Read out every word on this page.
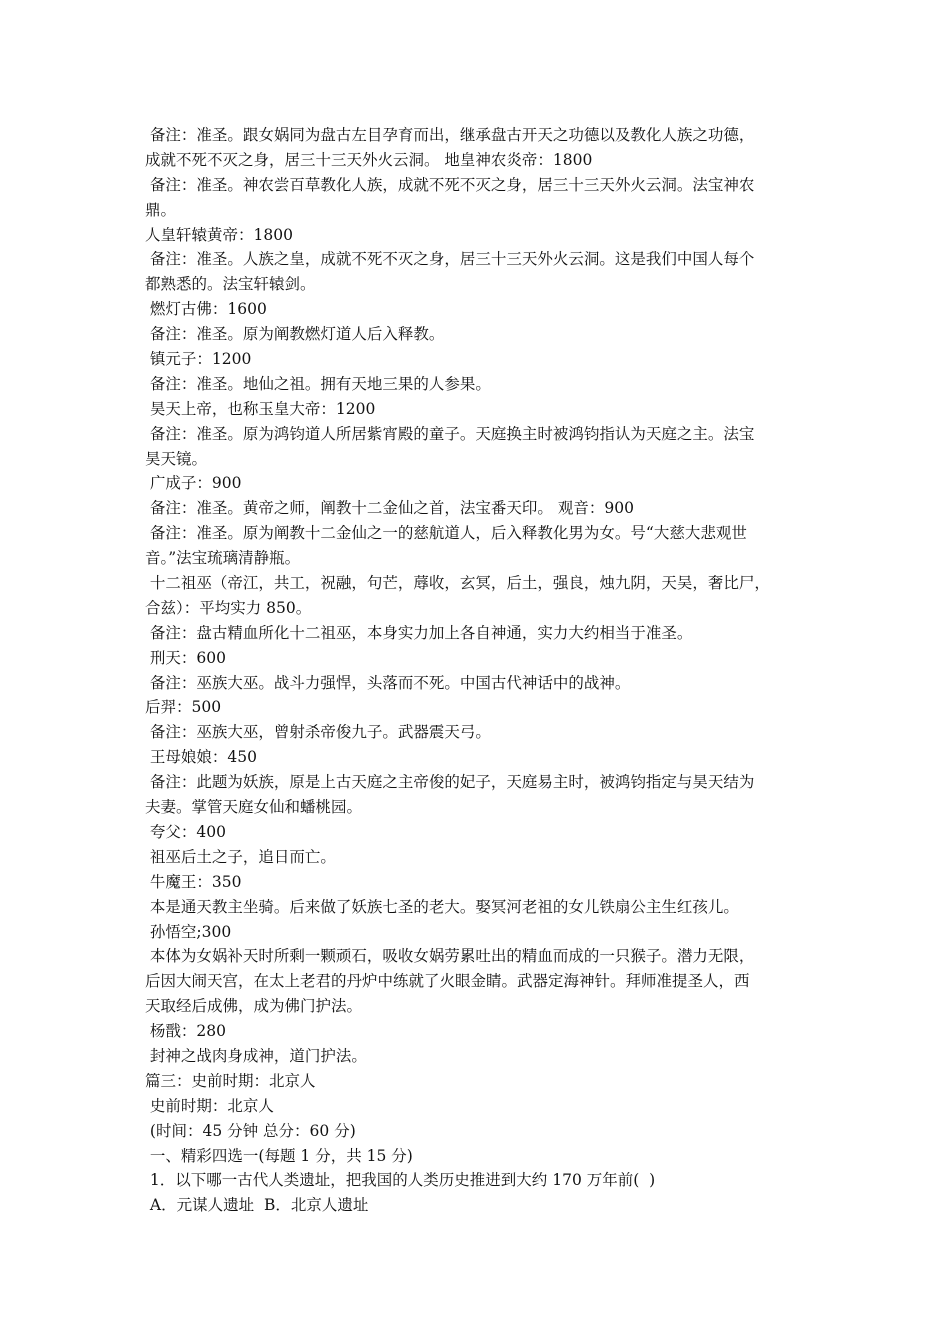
备注：准圣。跟女娲同为盘古左目孕育而出，继承盘古开天之功德以及教化人族之功德，
成就不死不灭之身，居三十三天外火云洞。 地皇神农炎帝：1800
备注：准圣。神农尝百草教化人族，成就不死不灭之身，居三十三天外火云洞。法宝神农
鼎。
人皇轩辕黄帝：1800
备注：准圣。人族之皇，成就不死不灭之身，居三十三天外火云洞。这是我们中国人每个
都熟悉的。法宝轩辕剑。
燃灯古佛：1600
备注：准圣。原为阐教燃灯道人后入释教。
镇元子：1200
备注：准圣。地仙之祖。拥有天地三果的人参果。
昊天上帝，也称玉皇大帝：1200
备注：准圣。原为鸿钧道人所居紫宵殿的童子。天庭换主时被鸿钧指认为天庭之主。法宝
昊天镜。
广成子：900
备注：准圣。黄帝之师，阐教十二金仙之首，法宝番天印。 观音：900
备注：准圣。原为阐教十二金仙之一的慈航道人，后入释教化男为女。号“大慈大悲观世
音。”法宝琉璃清静瓶。
十二祖巫（帝江，共工，祝融，句芒，蓐收，玄冥，后土，强良，烛九阴，天吴，奢比尸，
合兹）：平均实力 850。
备注：盘古精血所化十二祖巫，本身实力加上各自神通，实力大约相当于准圣。
刑天：600
备注：巫族大巫。战斗力强悍，头落而不死。中国古代神话中的战神。
后羿：500
备注：巫族大巫，曾射杀帝俊九子。武器震天弓。
王母娘娘：450
备注：此题为妖族，原是上古天庭之主帝俊的妃子，天庭易主时，被鸿钧指定与昊天结为
夫妻。掌管天庭女仙和蟠桃园。
夸父：400
祖巫后土之子，追日而亡。
牛魔王：350
本是通天教主坐骑。后来做了妖族七圣的老大。娶冥河老祖的女儿铁扇公主生红孩儿。
孙悟空;300
本体为女娲补天时所剩一颗顽石，吸收女娲劳累吐出的精血而成的一只猴子。潜力无限，
后因大闹天宫，在太上老君的丹炉中练就了火眼金睛。武器定海神针。拜师准提圣人，西
天取经后成佛，成为佛门护法。
杨戬：280
封神之战肉身成神，道门护法。
篇三：史前时期：北京人
史前时期：北京人
(时间：45 分钟 总分：60 分)
一、精彩四选一(每题 1 分，共 15 分)
1．以下哪一古代人类遗址，把我国的人类历史推进到大约 170 万年前(  )
A．元谋人遗址  B．北京人遗址
